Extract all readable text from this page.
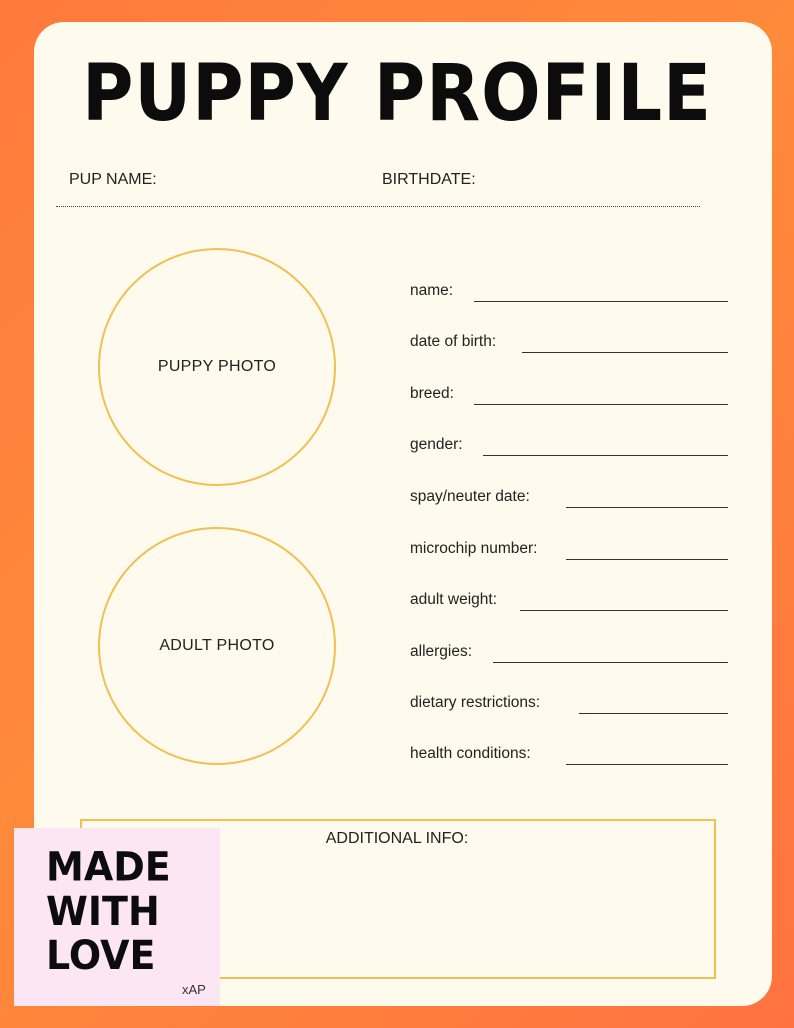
PUPPY PROFILE
PUP NAME:	BIRTHDATE:
PUPPY PHOTO
ADULT PHOTO
name:
date of birth:
breed:
gender:
spay/neuter date:
microchip number:
adult weight:
allergies:
dietary restrictions:
health conditions:
ADDITIONAL INFO:
MADE
WITH
LOVE
xAP
